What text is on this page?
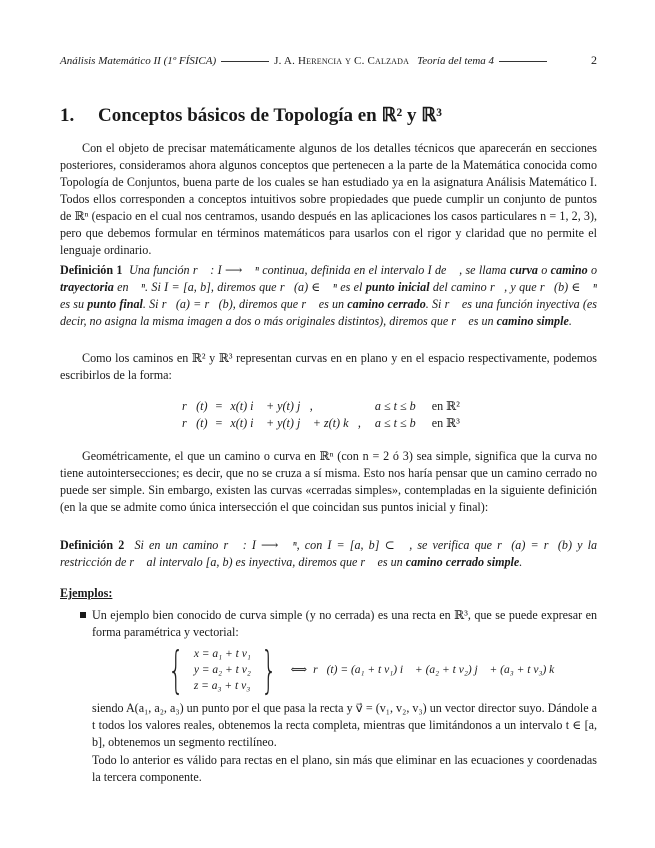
Análisis Matemático II (1º FÍSICA)	J. A. Herencia y C. Calzada Teoría del tema 4	2
1. Conceptos básicos de Topología en ℝ² y ℝ³
Con el objeto de precisar matemáticamente algunos de los detalles técnicos que aparecerán en secciones posteriores, consideramos ahora algunos conceptos que pertenecen a la parte de la Matemática conocida como Topología de Conjuntos, buena parte de los cuales se han estudiado ya en la asignatura Análisis Matemático I. Todos ellos corresponden a conceptos intuitivos sobre propiedades que puede cumplir un conjunto de puntos de ℝⁿ (espacio en el cual nos centramos, usando después en las aplicaciones los casos particulares n = 1, 2, 3), pero que debemos formular en términos matemáticos para usarlos con el rigor y claridad que no permite el lenguaje ordinario.
Definición 1 Una función r⃗ : I ⟶ ℝⁿ continua, definida en el intervalo I de ℝ, se llama curva o camino o trayectoria en ℝⁿ. Si I = [a, b], diremos que r⃗(a) ∈ ℝⁿ es el punto inicial del camino r⃗, y que r⃗(b) ∈ ℝⁿ es su punto final. Si r⃗(a) = r⃗(b), diremos que r⃗ es un camino cerrado. Si r⃗ es una función inyectiva (es decir, no asigna la misma imagen a dos o más originales distintos), diremos que r⃗ es un camino simple.
Como los caminos en ℝ² y ℝ³ representan curvas en en plano y en el espacio respectivamente, podemos escribirlos de la forma:
r⃗(t)	=	x(t) i⃗ + y(t) j⃗,	a ≤ t ≤ b	en ℝ²
r⃗(t)	=	x(t) i⃗ + y(t) j⃗ + z(t) k⃗,	a ≤ t ≤ b	en ℝ³
Geométricamente, el que un camino o curva en ℝⁿ (con n = 2 ó 3) sea simple, significa que la curva no tiene autointersecciones; es decir, que no se cruza a sí misma. Esto nos haría pensar que un camino cerrado no puede ser simple. Sin embargo, existen las curvas «cerradas simples», contempladas en la siguiente definición (en la que se admite como única intersección el que coincidan sus puntos inicial y final):
Definición 2 Si en un camino r⃗ : I ⟶ ℝⁿ, con I = [a, b] ⊂ ℝ, se verifica que r⃗(a) = r⃗(b) y la restricción de r⃗ al intervalo [a, b) es inyectiva, diremos que r⃗ es un camino cerrado simple.
Ejemplos:
Un ejemplo bien conocido de curva simple (y no cerrada) es una recta en ℝ³, que se puede expresar en forma paramétrica y vectorial:
{ x = a₁ + t v₁
y = a₂ + t v₂
z = a₃ + t v₃ } ⟺ r⃗(t) = (a₁ + t v₁) i⃗ + (a₂ + t v₂) j⃗ + (a₃ + t v₃) k⃗
siendo A(a₁, a₂, a₃) un punto por el que pasa la recta y v⃗ = (v₁, v₂, v₃) un vector director suyo. Dándole a t todos los valores reales, obtenemos la recta completa, mientras que limitándonos a un intervalo t ∈ [a, b], obtenemos un segmento rectilíneo.
Todo lo anterior es válido para rectas en el plano, sin más que eliminar en las ecuaciones y coordenadas la tercera componente.
